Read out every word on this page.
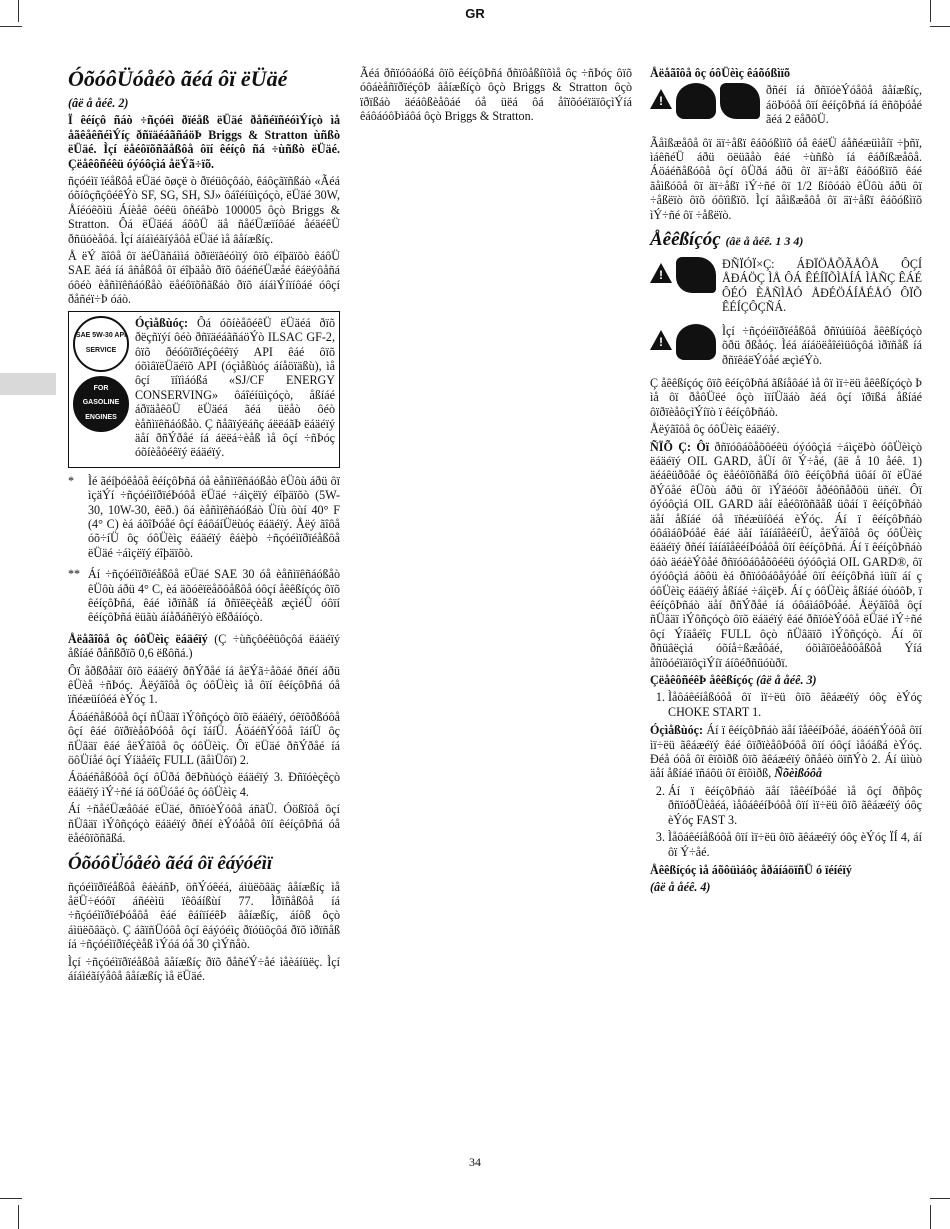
GR
ÓõóôÜóåéò ãéá ôï ëÜäé

(âë å åéê. 2)

Ï êéíçô ñáò ÷ñçóéì ðïéåß ëÜäé ðåñéïñéóìÝíçò ìå åãêåêñéìÝíç ðñïäéáãñáöÞ Briggs & Stratton ùñßò ëÜäé. Ìçí ëåéôïõñãåßôå ôïí êéíçô ñá ÷ùñßò ëÜäé. Çëåêôñéêü óýóôçìá åëÝã÷ïõ.

ñçóéìï ïéåßôå ëÜäé õøçë ò ðïéüôçôáò, êáôçãïñßáò «Ãéá óõíôçñçôéêÝò SF, SG, SH, SJ» ôáîéíüìçóçò, ëÜäé 30W, Åíéóêõìü Áíèåê ôéêü ôñéâÞò 100005 ôçò Briggs & Stratton. Ôá ëÜäéá áõôÜ äå ñåéÜæïíôáé åéäéêÜ ðñüóèåôá. Ìçí áíáìéãíýåôå ëÜäé ìå âåíæßíç.

Å ëÝ ãîôå ôï äéÜãñáììá õðïëïãéóìïý ôïõ éîþäïõò êáôÜ SAE ãéá íá âñåßôå ôï éîþäåò ðïõ ôáéñéÜæåé êáëýôåñá óôéò èåñìïêñáóßåò ëåéôïõñãßáò ðïõ áíáìÝíïíôáé óôçí ðåñéï÷Þ óáò.

SAE 5W-30 API SERVICE
FOR GASOLINE ENGINES

Óçìåßùóç: Ôá óõíèåôéêÜ ëÜäéá ðïõ ðëçñïýí ôéò ðñïäéáãñáöÝò ILSAC GF-2, ôïõ ðéóôïðïéçôéêïý API êáé ôïõ óõìâïëÜäéïõ API (óçìåßùóç áíåöïäßù), ìå ôçí ïíïìáóßá «SJ/CF ENERGY CONSERVING» ôáîéíüìçóçò, åßíáé áðïäåêôÜ ëÜäéá ãéá üëåò ôéò èåñìïêñáóßåò. Ç ñåãïýëáñç áëëáãÞ ëáäéïý äåí ðñÝðåé íá áëëá÷èåß ìå ôçí ÷ñÞóç óõíèåôéêïý ëáäéïý.

*	Ìé ãéíþóêåôå êéíçôÞñá óå èåñìïêñáóßåò êÜôù áðü ôï ìçäÝí ÷ñçóéìïðïéÞóôå ëÜäé ÷áìçëïý éîþäïõò (5W-30, 10W-30, êëð.) ôá èåñìïêñáóßáò Üíù ôùí 40° F (4° C) èá áõîÞóåé ôçí êáôáíÜëùóç ëáäéïý. Åëý ãîôå óõ÷íÜ ôç óôÜèìç ëáäéïý êáèþò ÷ñçóéìïðïéåßôå ëÜäé ÷áìçëïý éîþäïõò.

** Áí ÷ñçóéìïðïéåßôå ëÜäé SAE 30 óå èåñìïêñáóßåò êÜôù áðü 4° C, èá äõóêïëåõôåßôå óôçí åêêßíçóç ôïõ êéíçôÞñá, êáé ìðïñåß íá ðñïêëçèåß æçìéÜ óôïí êéíçôÞñá ëüãù áíåðáñêïýò ëßðáíóçò.

Åëåãîôå ôç óôÜèìç ëáäéïý (Ç ÷ùñçôéêüôçôá ëáäéïý åßíáé ðåñßðïõ 0,6 ëßôñá.)

Ôï åðßðåäï ôïõ ëáäéïý ðñÝðåé íá åëÝã÷åôáé ðñéí áðü êÜèå ÷ñÞóç. Åëýãîôå ôç óôÜèìç ìå ôïí êéíçôÞñá óå ïñéæüíôéá èÝóç 1.

Áöáéñåßóôå ôçí ñÜâäï ìÝôñçóçò ôïõ ëáäéïý, óêïõðßóôå ôçí êáé ôïðïèåôÞóôå ôçí îáíÜ. ÁöáéñÝóôå îáíÜ ôç ñÜâäï êáé åëÝãîôå ôç óôÜèìç. Ôï ëÜäé ðñÝðåé íá öôÜíåé ôçí Ýíäåéîç FULL (ãåìÜôï) 2.

Áöáéñåßóôå ôçí ôÜðá ðëÞñùóçò ëáäéïý 3. Ðñïóèçêçò ëáäéïý ìÝ÷ñé íá öôÜóåé ôç óôÜèìç 4.

Áí ÷ñåéÜæåôáé ëÜäé, ðñïóèÝóôå áñãÜ. Óößîôå ôçí ñÜâäï ìÝôñçóçò ëáäéïý ðñéí èÝóåôå ôïí êéíçôÞñá óå ëåéôïõñãßá.

ÓõóôÜóåéò ãéá ôï êáýóéìï

ñçóéìïðïéåßôå êáèáñÞ, öñÝóêéá, áìüëõâäç âåíæßíç ìå åëÜ÷éóôï áñéèìü ïêôáíßùí 77. Ìðïñåßôå íá ÷ñçóéìïðïéÞóåôå êáé êáíïíéêÞ âåíæßíç, áíôß ôçò áìüëõâäçò. Ç áãïñÜóôå ôçí êáýóéìç ðïóüôçôá ðïõ ìðïñåß íá ÷ñçóéìïðïéçèåß ìÝóá óå 30 çìÝñåò.

Ìçí ÷ñçóéìïðïéåßôå âåíæßíç ðïõ ðåñéÝ÷åé ìåèáíüëç. Ìçí áíáìéãíýåôå âåíæßíç ìå ëÜäé.

Ãéá ðñïóôáóßá ôïõ êéíçôÞñá ðñïôåßíïõìå ôç ÷ñÞóç ôïõ óôáèåñïðïéçôÞ âåíæßíçò ôçò Briggs & Stratton ôçò ïðïßáò äéáôßèåôáé óå üëá ôá åîïõóéïäïôçìÝíá êáôáóôÞìáôá ôçò Briggs & Stratton.

Åëåãîôå ôç óôÜèìç êáõóßìïõ

!

ðñéí íá ðñïóèÝóåôå âåíæßíç, áöÞóôå ôïí êéíçôÞñá íá êñõþóåé ãéá 2 ëåðôÜ.

Ãåìßæåôå ôï äï÷åßï êáõóßìïõ óå êáëÜ áåñéæüìåíï ÷þñï, ìáêñéÜ áðü öëüãåò êáé ÷ùñßò íá êáðíßæåôå. Áöáéñåßóôå ôçí ôÜðá áðü ôï äï÷åßï êáõóßìïõ êáé ãåìßóôå ôï äï÷åßï ìÝ÷ñé ôï 1/2 ßíôóáò êÜôù áðü ôï ÷åßëïò ôïõ óôïìßïõ. Ìçí ãåìßæåôå ôï äï÷åßï êáõóßìïõ ìÝ÷ñé ôï ÷åßëïò.

Åêêßíçóç (âë å åéê. 1 3 4)
!

ÐÑÏÓÏ×Ç: ÁÐÏÖÅÕÃÅÔÅ ÔÇÍ ÅÐÁÖÇ ÌÅ ÔÁ ÊÉÍÏÕÌÅÍÁ ÌÅÑÇ ÊÁÉ ÔÉÓ ÈÅÑÌÅÓ ÅÐÉÖÁÍÅÉÅÓ ÔÏÕ ÊÉÍÇÔÇÑÁ.

!

Ìçí ÷ñçóéìïðïéåßôå ðñïúüíôá åêêßíçóçò õðü ðßåóç. Ìéá áíáöëåîéìüôçôá ìðïñåß íá ðñïêáëÝóåé æçìéÝò.

Ç åêêßíçóç ôïõ êéíçôÞñá ãßíåôáé ìå ôï ìï÷ëü åêêßíçóçò Þ ìå ôï ðåôÜëé ôçò ìïíÜäáò ãéá ôçí ïðïßá åßíáé ôïðïèåôçìÝíïò ï êéíçôÞñáò.

Åëýãîôå ôç óôÜèìç ëáäéïý.

ÑÏÕ Ç: Ôï ðñïóôáôåõôéêü óýóôçìá ÷áìçëÞò óôÜèìçò ëáäéïý OIL GARD, åÜí ôï Ý÷åé, (âë å 10 åéê. 1) äéáêüðôåé ôç ëåéôïõñãßá ôïõ êéíçôÞñá üôáí ôï ëÜäé ðÝóåé êÜôù áðü ôï ìÝãéóôï åðéôñåðôü üñéï. Ôï óýóôçìá OIL GARD äåí ëåéôïõñãåß üôáí ï êéíçôÞñáò äåí åßíáé óå ïñéæüíôéá èÝóç. Áí ï êéíçôÞñáò óôáìáôÞóåé êáé äåí îáíáîåêéíÜ, åëÝãîôå ôç óôÜèìç ëáäéïý ðñéí îáíáîåêéíÞóåôå ôïí êéíçôÞñá. Áí ï êéíçôÞñáò óáò äéáèÝôåé ðñïóôáôåõôéêü óýóôçìá OIL GARD®, ôï óýóôçìá áõôü èá ðñïóôáôåýóåé ôïí êéíçôÞñá ìüíï áí ç óôÜèìç ëáäéïý åßíáé ÷áìçëÞ. Áí ç óôÜèìç åßíáé óùóôÞ, ï êéíçôÞñáò äåí ðñÝðåé íá óôáìáôÞóåé. Åëýãîôå ôçí ñÜâäï ìÝôñçóçò ôïõ ëáäéïý êáé ðñïóèÝóôå ëÜäé ìÝ÷ñé ôçí Ýíäåéîç FULL ôçò ñÜâäïõ ìÝôñçóçò. Áí ôï ðñüâëçìá óõíå÷ßæåôáé, óõìâïõëåõôåßôå Ýíá åîïõóéïäïôçìÝíï áíôéðñüóùðï.

ÇëåêôñéêÞ åêêßíçóç (âë å åéê. 3)

1. Ìåôáêéíåßóôå ôï ìï÷ëü ôïõ ãêáæéïý óôç èÝóç CHOKE START 1.

Óçìåßùóç: Áí ï êéíçôÞñáò äåí îåêéíÞóåé, áöáéñÝóôå ôïí ìï÷ëü ãêáæéïý êáé ôïðïèåôÞóôå ôïí óôçí ìåóáßá èÝóç. Ðéå óôå ôï êïõìðß ôïõ ãêáæéïý ôñåéò öïñÝò 2. Áí üìùò äåí åßíáé ïñáôü ôï êïõìðß, Ñõèìßóôå

2. Áí ï êéíçôÞñáò äåí îåêéíÞóåé ìå ôçí ðñþôç ðñïóðÜèåéá, ìåôáêéíÞóôå ôïí ìï÷ëü ôïõ ãêáæéïý óôç èÝóç FAST 3.
3. Ìåôáêéíåßóôå ôïí ìï÷ëü ôïõ ãêáæéïý óôç èÝóç ÏÍ 4, áí ôï Ý÷åé.

Åêêßíçóç ìå áõôüìáôç åðáíáöïñÜ ó ïéíéïý

(âë å åéê. 4)

34
